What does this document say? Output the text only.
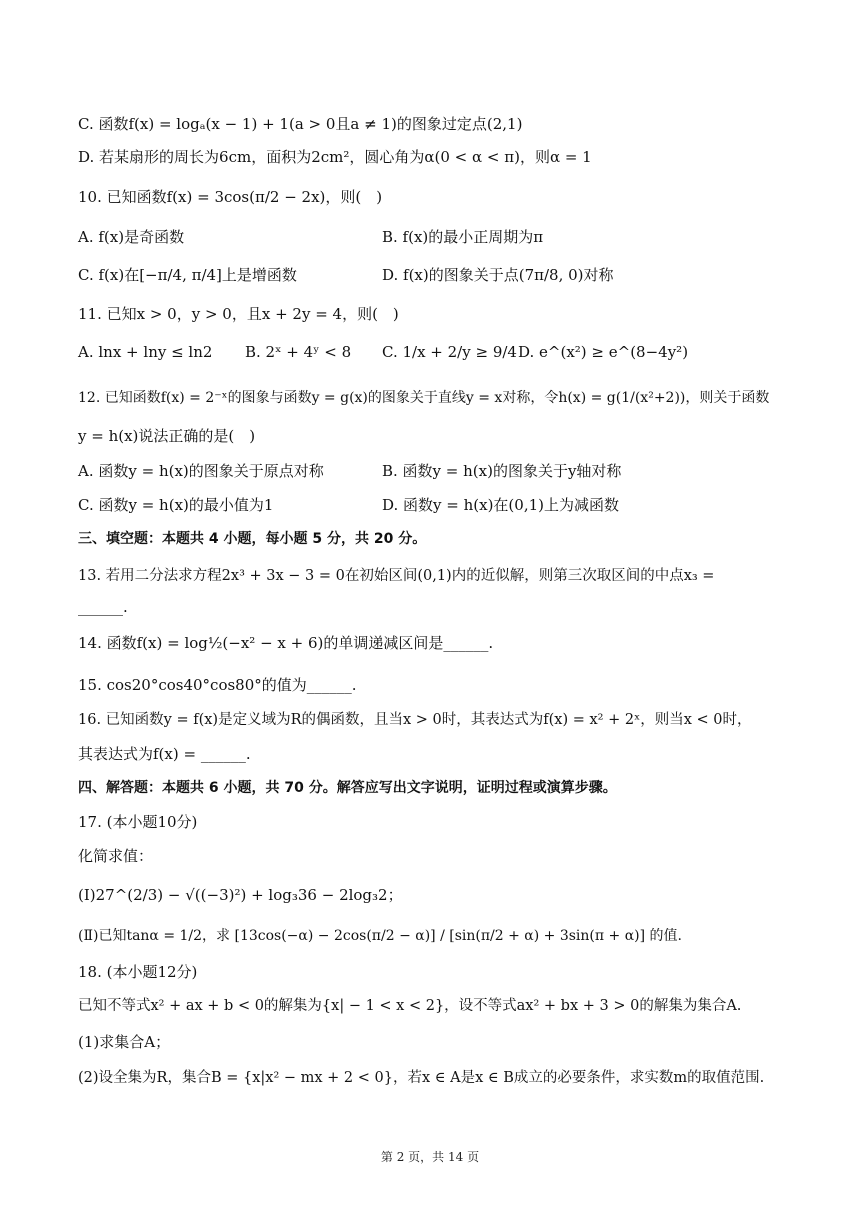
C. 函数f(x) = logₐ(x − 1) + 1(a > 0且a ≠ 1)的图象过定点(2,1)
D. 若某扇形的周长为6cm，面积为2cm²，圆心角为α(0 < α < π)，则α = 1
10. 已知函数f(x) = 3cos(π/2 − 2x)，则(　)
A. f(x)是奇函数	B. f(x)的最小正周期为π
C. f(x)在[−π/4, π/4]上是增函数	D. f(x)的图象关于点(7π/8, 0)对称
11. 已知x > 0，y > 0，且x + 2y = 4，则(　)
A. lnx + lny ≤ ln2 B. 2ˣ + 4ʸ < 8 C. 1/x + 2/y ≥ 9/4 D. e^(x²) ≥ e^(8−4y²)
12. 已知函数f(x) = 2⁻ˣ的图象与函数y = g(x)的图象关于直线y = x对称，令h(x) = g(1/(x²+2))，则关于函数
y = h(x)说法正确的是(　)
A. 函数y = h(x)的图象关于原点对称	B. 函数y = h(x)的图象关于y轴对称
C. 函数y = h(x)的最小值为1	D. 函数y = h(x)在(0,1)上为减函数
三、填空题：本题共 4 小题，每小题 5 分，共 20 分。
13. 若用二分法求方程2x³ + 3x − 3 = 0在初始区间(0,1)内的近似解，则第三次取区间的中点x₃ =
______.
14. 函数f(x) = log½(−x² − x + 6)的单调递减区间是______.
15. cos20°cos40°cos80°的值为______.
16. 已知函数y = f(x)是定义域为R的偶函数，且当x > 0时，其表达式为f(x) = x² + 2ˣ，则当x < 0时，
其表达式为f(x) = ______.
四、解答题：本题共 6 小题，共 70 分。解答应写出文字说明，证明过程或演算步骤。
17. (本小题10分)
化简求值：
(Ⅰ)27^(2/3) − √((−3)²) + log₃36 − 2log₃2；
(Ⅱ)已知tanα = 1/2，求 [13cos(−α) − 2cos(π/2 − α)] / [sin(π/2 + α) + 3sin(π + α)] 的值.
18. (本小题12分)
已知不等式x² + ax + b < 0的解集为{x| − 1 < x < 2}，设不等式ax² + bx + 3 > 0的解集为集合A.
(1)求集合A；
(2)设全集为R，集合B = {x|x² − mx + 2 < 0}，若x ∈ A是x ∈ B成立的必要条件，求实数m的取值范围.
第 2 页，共 14 页
